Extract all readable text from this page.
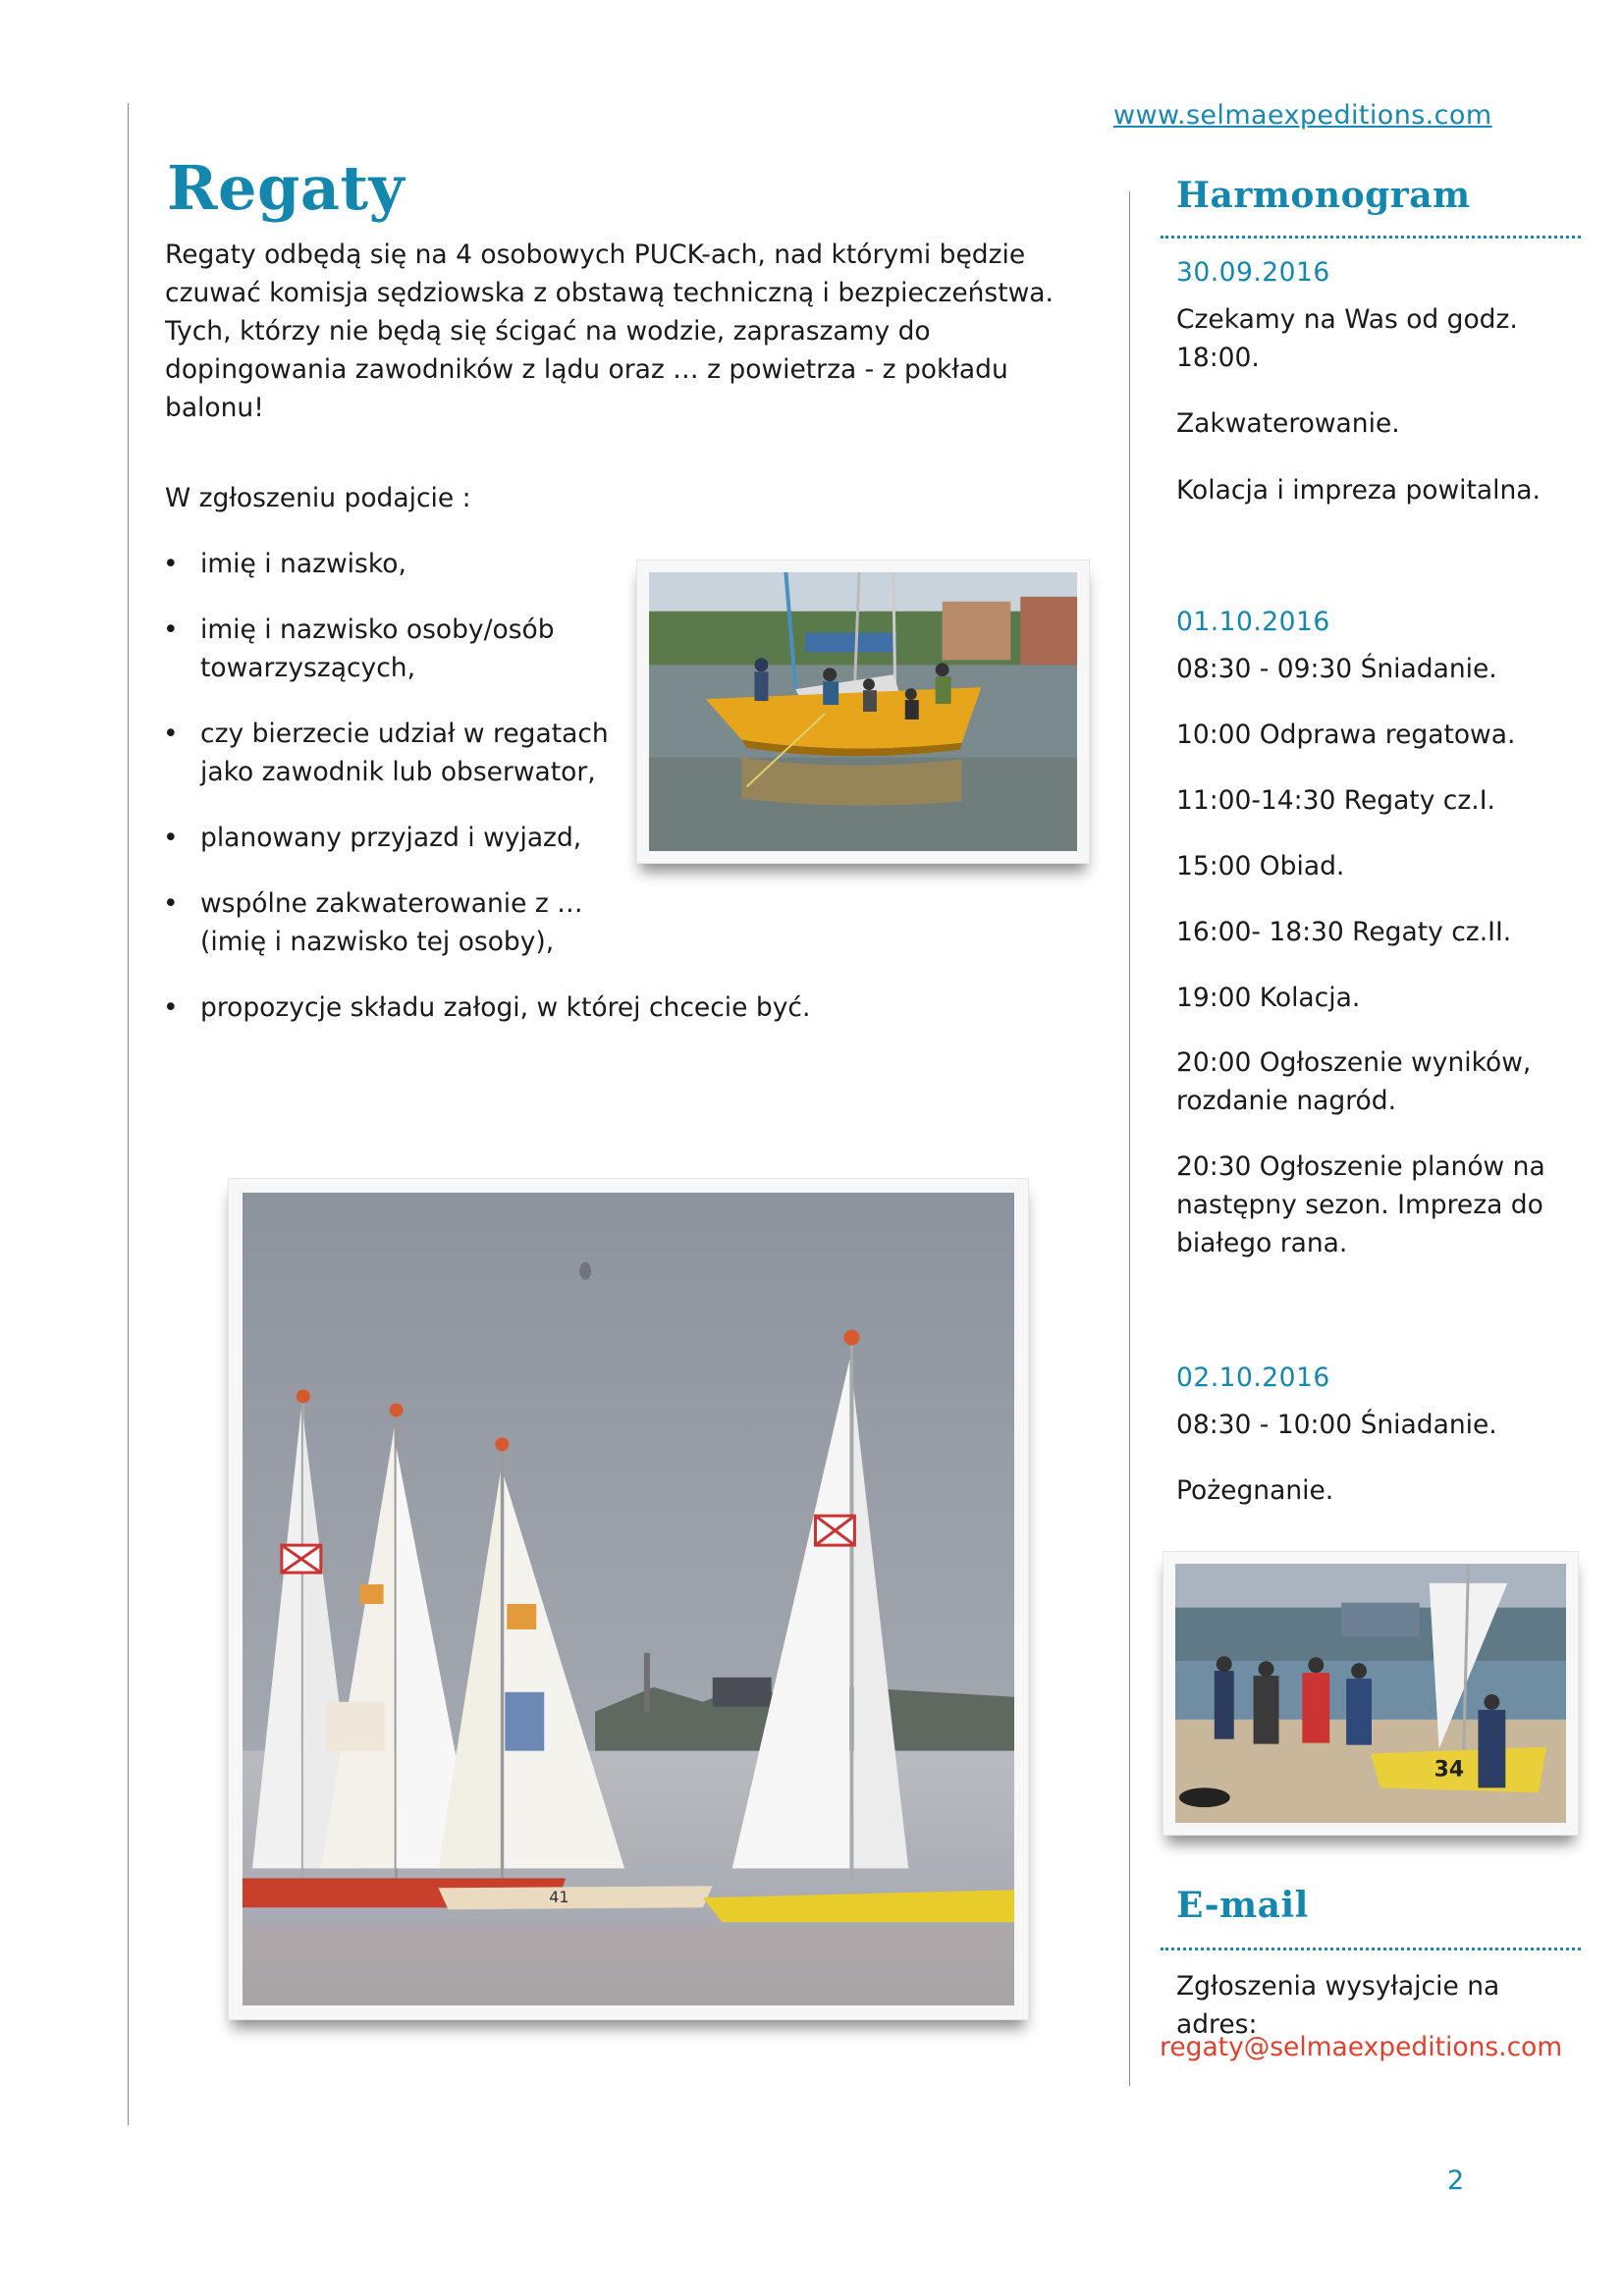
www.selmaexpeditions.com
Regaty
Regaty odbędą się na 4 osobowych PUCK-ach, nad którymi będzie czuwać komisja sędziowska z obstawą techniczną i bezpieczeństwa. Tych, którzy nie będą się ścigać na wodzie, zapraszamy do dopingowania zawodników z lądu oraz … z powietrza - z pokładu balonu!
W zgłoszeniu podajcie :
• imię i nazwisko,
• imię i nazwisko osoby/osób
towarzyszących,
• czy bierzecie udział w regatach
jako zawodnik lub obserwator,
• planowany przyjazd i wyjazd,
• wspólne zakwaterowanie z …
(imię i nazwisko tej osoby),
• propozycje składu załogi, w której chcecie być.
41
34
Harmonogram
30.09.2016
Czekamy na Was od godz. 18:00.
Zakwaterowanie.
Kolacja i impreza powitalna.
01.10.2016
08:30 - 09:30 Śniadanie.
10:00 Odprawa regatowa.
11:00-14:30 Regaty cz.I.
15:00 Obiad.
16:00- 18:30 Regaty cz.II.
19:00 Kolacja.
20:00 Ogłoszenie wyników, rozdanie nagród.
20:30 Ogłoszenie planów na następny sezon. Impreza do białego rana.
02.10.2016
08:30 - 10:00 Śniadanie.
Pożegnanie.
E-mail
Zgłoszenia wysyłajcie na adres:
regaty@selmaexpeditions.com
2
